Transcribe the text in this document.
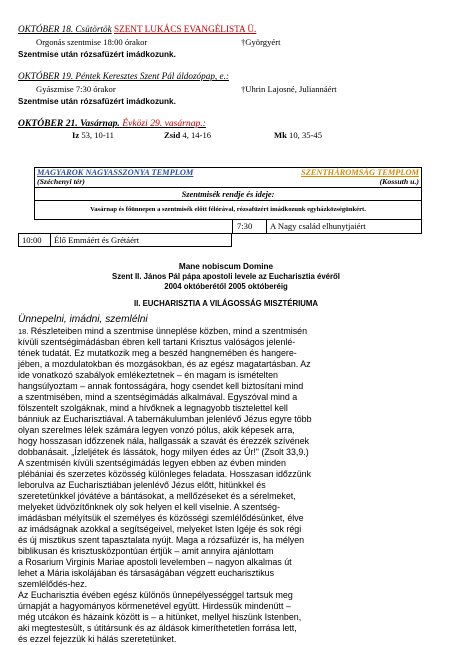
OKTÓBER 18. Csütörtök SZENT LUKÁCS EVANGÉLISTA Ü.
Orgonás szentmise 18:00 órakor	†Györgyért
Szentmise után rózsafüzért imádkozunk.
OKTÓBER 19. Péntek Keresztes Szent Pál áldozópap, e.:
Gyászmise 7:30 órakor	†Uhrin Lajosné, Juliannáért
Szentmise után rózsafüzért imádkozunk.
OKTÓBER 21. Vasárnap. Évközi 29. vasárnap.:
Iz 53, 10-11	Zsid 4, 14-16	Mk 10, 35-45
MAGYAROK NAGYASSZONYA TEMPLOM	SZENTHÁROMSÁG TEMPLOM
(Széchenyi tér)	(Kossuth u.)
Szentmisék rendje és ideje:
Vasárnap és főünnepen a szentmisék előtt félórával, rózsafüzért imádkozunk egyházközségünkért.
7:30	A Nagy család elhunytjaiért
10:00	Élő Emmáért és Grétáért
Mane nobiscum Domine
Szent II. János Pál pápa apostoli levele az Eucharisztia évéről
2004 októberétől 2005 októberéig
II. EUCHARISZTIA A VILÁGOSSÁG MISZTÉRIUMA
Ünnepelni, imádni, szemlélni
18. Részleteiben mind a szentmise ünneplése közben, mind a szentmisén
kívüli szentségimádásban ébren kell tartani Krisztus valóságos jelenlé-
tének tudatát. Ez mutatkozik meg a beszéd hangnemében és hangere-
jében, a mozdulatokban és mozgásokban, és az egész magatartásban. Az
ide vonatkozó szabályok emlékeztetnek – én magam is ismételten
hangsúlyoztam – annak fontosságára, hogy csendet kell biztosítani mind
a szentmisében, mind a szentségimádás alkalmával. Egyszóval mind a
fölszentelt szolgáknak, mind a hívőknek a legnagyobb tisztelettel kell
bánniuk az Eucharisztiával. A tabernákulumban jelenlévő Jézus egyre több
olyan szerelmes lélek számára legyen vonzó pólus, akik képesek arra,
hogy hosszasan időzzenek nála, hallgassák a szavát és érezzék szívének
dobbanásait. „Ízleljétek és lássátok, hogy milyen édes az Úr!" (Zsolt 33,9.)
A szentmisén kívüli szentségimádás legyen ebben az évben minden
plébániai és szerzetes közösség különleges feladata. Hosszasan időzzünk
leborulva az Eucharisztiában jelenlévő Jézus előtt, hitünkkel és
szeretetünkkel jóvátéve a bántásokat, a mellőzéseket és a sérelmeket,
melyeket üdvözítőnknek oly sok helyen el kell viselnie. A szentség-
imádásban mélyítsük el személyes és közösségi szemlélődésünket, élve
az imádságnak azokkal a segítségeivel, melyeket Isten Igéje és sok régi
és új misztikus szent tapasztalata nyújt. Maga a rózsafüzér is, ha mélyen
biblikusan és krisztusközpontúan értjük – amit annyira ajánlottam
a Rosarium Virginis Mariae apostoli levelemben – nagyon alkalmas út
lehet a Mária iskolájában és társaságában végzett eucharisztikus
szemlélődés-hez.
Az Eucharisztia évében egész különös ünnepélyességgel tartsuk meg
úrnapját a hagyományos körmenetével együtt. Hirdessük mindenütt –
még utcákon és házaink között is – a hitünket, mellyel hiszünk Istenben,
aki megtestesült, s útitársunk és az áldások kimeríthetetlen forrása lett,
és ezzel fejezzük ki hálás szeretetünket.
